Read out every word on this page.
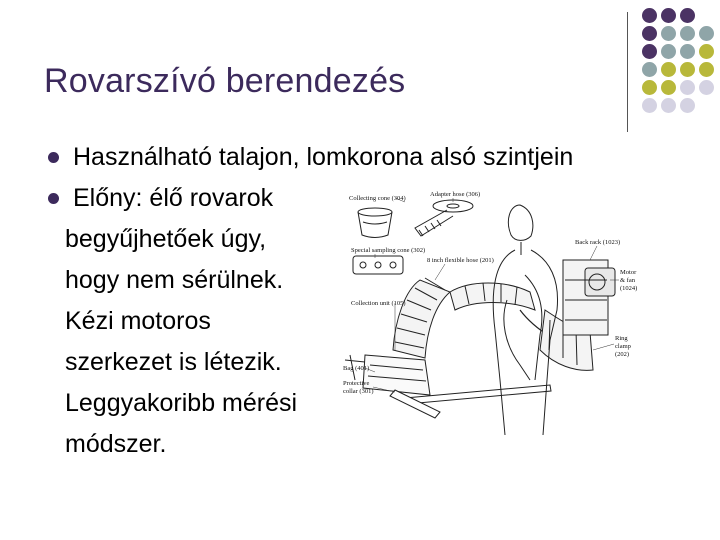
Rovarszívó berendezés
Használható talajon, lomkorona alsó szintjein
Előny: élő rovarok
begyűjhetőek úgy,
hogy nem sérülnek.
Kézi motoros
szerkezet is létezik.
Leggyakoribb mérési
módszer.
Collecting cone (304)
Adapter hose (306)
Special sampling cone (302)
8 inch flexible hose (201)
Collection unit (105)
Bag (401)
Protective
collar (301)
Back rack (1023)
Motor
& fan
(1024)
Ring
clamp
(202)
